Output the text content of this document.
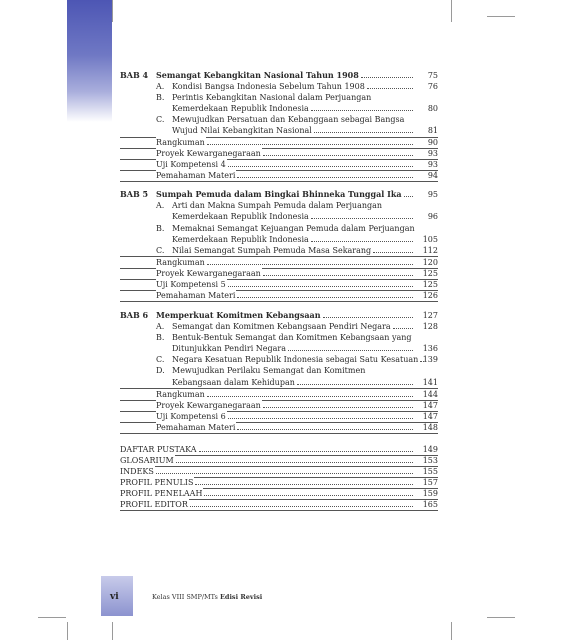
BAB 4 Semangat Kebangkitan Nasional Tahun 1908	75
A. Kondisi Bangsa Indonesia Sebelum Tahun 1908	76
B. Perintis Kebangkitan Nasional dalam Perjuangan
Kemerdekaan Republik Indonesia	80
C. Mewujudkan Persatuan dan Kebanggaan sebagai Bangsa
Wujud Nilai Kebangkitan Nasional	81
Rangkuman	90
Proyek Kewarganegaraan	93
Uji Kompetensi 4	93
Pemahaman Materi	94
BAB 5 Sumpah Pemuda dalam Bingkai Bhinneka Tunggal Ika	95
A. Arti dan Makna Sumpah Pemuda dalam Perjuangan
Kemerdekaan Republik Indonesia	96
B. Memaknai Semangat Kejuangan Pemuda dalam Perjuangan
Kemerdekaan Republik Indonesia	105
C. Nilai Semangat Sumpah Pemuda Masa Sekarang	112
Rangkuman	120
Proyek Kewarganegaraan	125
Uji Kompetensi 5	125
Pemahaman Materi	126
BAB 6 Memperkuat Komitmen Kebangsaan	127
A. Semangat dan Komitmen Kebangsaan Pendiri Negara	128
B. Bentuk-Bentuk Semangat dan Komitmen Kebangsaan yang
Ditunjukkan Pendiri Negara	136
C. Negara Kesatuan Republik Indonesia sebagai Satu Kesatuan 139
D. Mewujudkan Perilaku Semangat dan Komitmen
Kebangsaan dalam Kehidupan	141
Rangkuman	144
Proyek Kewarganegaraan	147
Uji Kompetensi 6	147
Pemahaman Materi	148
DAFTAR PUSTAKA	149
GLOSARIUM	153
INDEKS	155
PROFIL PENULIS	157
PROFIL PENELAAH	159
PROFIL EDITOR	165
vi	Kelas VIII SMP/MTs Edisi Revisi
